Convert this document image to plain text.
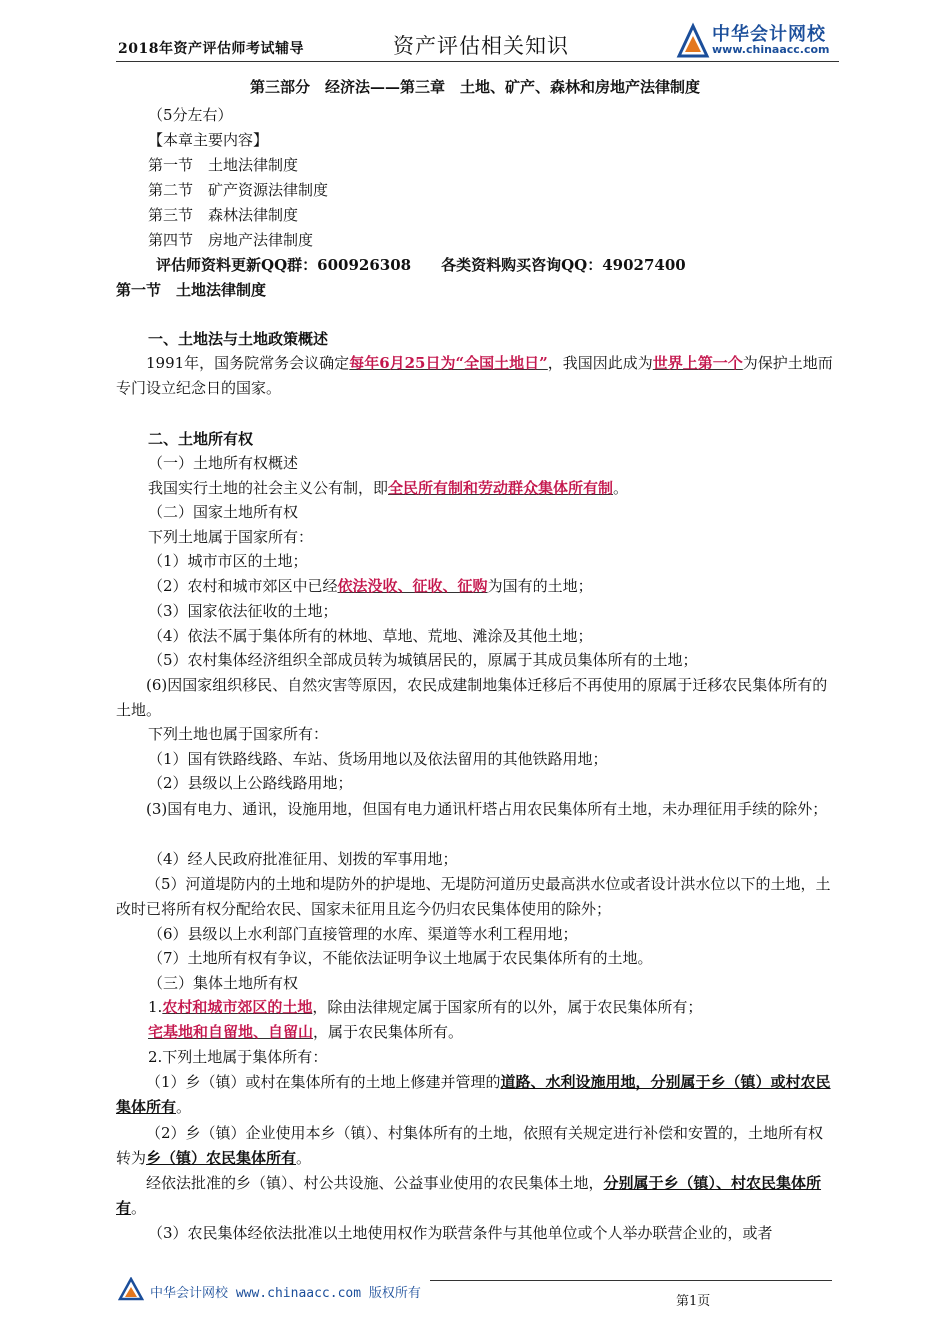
2018年资产评估师考试辅导	资产评估相关知识	中华会计网校
www.chinaacc.com
第三部分　经济法——第三章　土地、矿产、森林和房地产法律制度
（5分左右）
【本章主要内容】
第一节　土地法律制度
第二节　矿产资源法律制度
第三节　森林法律制度
第四节　房地产法律制度
评估师资料更新QQ群：600926308　　各类资料购买咨询QQ：49027400
第一节　土地法律制度
一、土地法与土地政策概述
1991年，国务院常务会议确定每年6月25日为“全国土地日”，我国因此成为世界上第一个为保护土地而专门设立纪念日的国家。
二、土地所有权
（一）土地所有权概述
我国实行土地的社会主义公有制，即全民所有制和劳动群众集体所有制。
（二）国家土地所有权
下列土地属于国家所有：
（1）城市市区的土地；
（2）农村和城市郊区中已经依法没收、征收、征购为国有的土地；
（3）国家依法征收的土地；
（4）依法不属于集体所有的林地、草地、荒地、滩涂及其他土地；
（5）农村集体经济组织全部成员转为城镇居民的，原属于其成员集体所有的土地；
(6)因国家组织移民、自然灾害等原因，农民成建制地集体迁移后不再使用的原属于迁移农民集体所有的土地。
下列土地也属于国家所有：
（1）国有铁路线路、车站、货场用地以及依法留用的其他铁路用地；
（2）县级以上公路线路用地；
(3)国有电力、通讯，设施用地，但国有电力通讯杆塔占用农民集体所有土地，未办理征用手续的除外；
（4）经人民政府批准征用、划拨的军事用地；
（5）河道堤防内的土地和堤防外的护堤地、无堤防河道历史最高洪水位或者设计洪水位以下的土地，土改时已将所有权分配给农民、国家未征用且迄今仍归农民集体使用的除外；
（6）县级以上水利部门直接管理的水库、渠道等水利工程用地；
（7）土地所有权有争议，不能依法证明争议土地属于农民集体所有的土地。
（三）集体土地所有权
1.农村和城市郊区的土地，除由法律规定属于国家所有的以外，属于农民集体所有；
宅基地和自留地、自留山，属于农民集体所有。
2.下列土地属于集体所有：
（1）乡（镇）或村在集体所有的土地上修建并管理的道路、水利设施用地，分别属于乡（镇）或村农民集体所有。
（2）乡（镇）企业使用本乡（镇）、村集体所有的土地，依照有关规定进行补偿和安置的，土地所有权转为乡（镇）农民集体所有。
经依法批准的乡（镇）、村公共设施、公益事业使用的农民集体土地，分别属于乡（镇）、村农民集体所有。
（3）农民集体经依法批准以土地使用权作为联营条件与其他单位或个人举办联营企业的，或者
中华会计网校 www.chinaacc.com 版权所有
第1页
